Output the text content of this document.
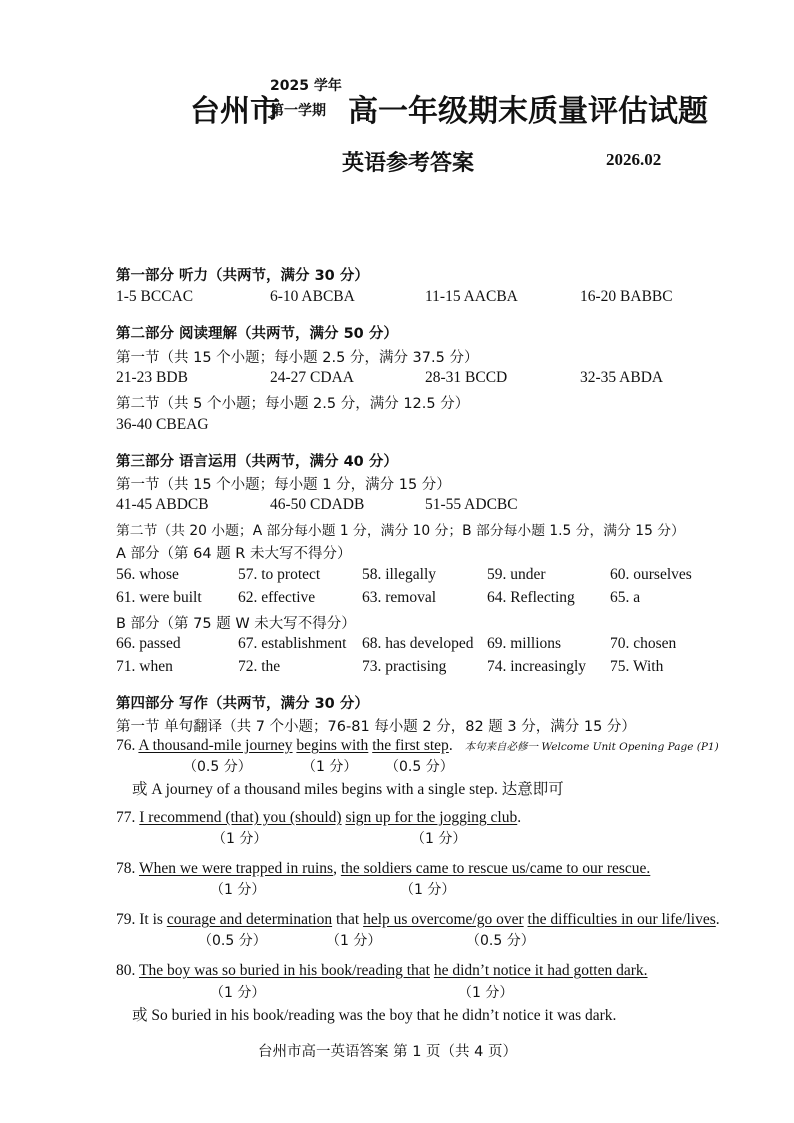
台州市
2025 学年
第一学期 高一年级期末质量评估试题
英语参考答案	2026.02
第一部分 听力（共两节，满分 30 分）
1-5 BCCAC	6-10 ABCBA	11-15 AACBA	16-20 BABBC
第二部分 阅读理解（共两节，满分 50 分）
第一节（共 15 个小题；每小题 2.5 分，满分 37.5 分）
21-23 BDB	24-27 CDAA	28-31 BCCD	32-35 ABDA
第二节（共 5 个小题；每小题 2.5 分，满分 12.5 分）
36-40 CBEAG
第三部分 语言运用（共两节，满分 40 分）
第一节（共 15 个小题；每小题 1 分，满分 15 分）
41-45 ABDCB	46-50 CDADB	51-55 ADCBC
第二节（共 20 小题；A 部分每小题 1 分，满分 10 分；B 部分每小题 1.5 分，满分 15 分）
A 部分（第 64 题 R 未大写不得分）
56. whose	57. to protect	58. illegally	59. under	60. ourselves
61. were built 62. effective	63. removal	64. Reflecting 65. a
B 部分（第 75 题 W 未大写不得分）
66. passed	67. establishment 68. has developed 69. millions	70. chosen
71. when	72. the	73. practising	74. increasingly 75. With
第四部分 写作（共两节，满分 30 分）
第一节 单句翻译（共 7 个小题；76-81 每小题 2 分，82 题 3 分，满分 15 分）
76. A thousand-mile journey begins with the first step. 本句来自必修一 Welcome Unit Opening Page (P1)
（0.5 分）	（1 分） （0.5 分）
或 A journey of a thousand miles begins with a single step. 达意即可
77. I recommend (that) you (should) sign up for the jogging club.
（1 分）	（1 分）
78. When we were trapped in ruins, the soldiers came to rescue us/came to our rescue.
（1 分）	（1 分）
79. It is courage and determination that help us overcome/go over the difficulties in our life/lives.
（0.5 分）	（1 分）	（0.5 分）
80. The boy was so buried in his book/reading that he didn’t notice it had gotten dark.
（1 分）	（1 分）
或 So buried in his book/reading was the boy that he didn’t notice it was dark.
台州市高一英语答案 第 1 页（共 4 页）
